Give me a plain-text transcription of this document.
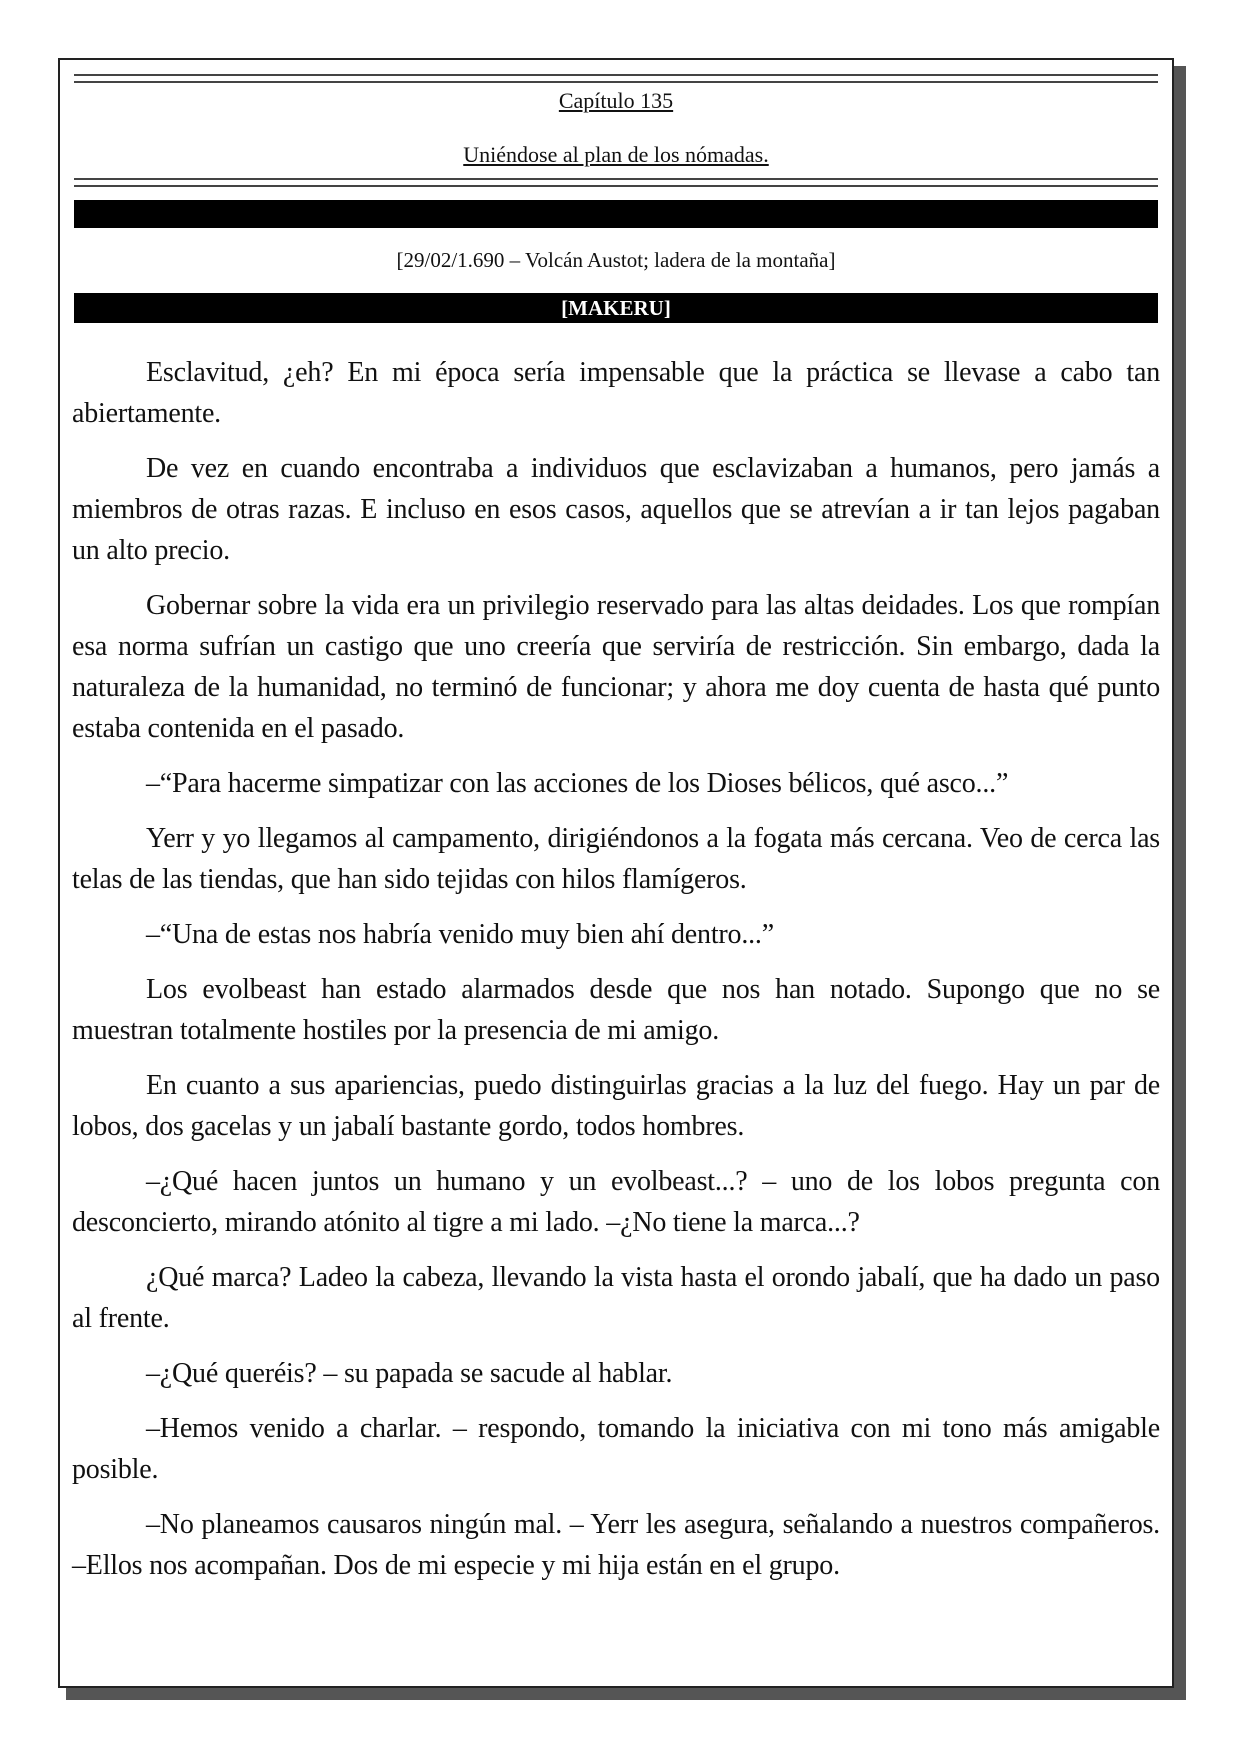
Capítulo 135
Uniéndose al plan de los nómadas.
[29/02/1.690 – Volcán Austot; ladera de la montaña]
[MAKERU]

Esclavitud, ¿eh? En mi época sería impensable que la práctica se llevase a cabo tan abiertamente.

De vez en cuando encontraba a individuos que esclavizaban a humanos, pero jamás a miembros de otras razas. E incluso en esos casos, aquellos que se atrevían a ir tan lejos pagaban un alto precio.

Gobernar sobre la vida era un privilegio reservado para las altas deidades. Los que rompían esa norma sufrían un castigo que uno creería que serviría de restricción. Sin embargo, dada la naturaleza de la humanidad, no terminó de funcionar; y ahora me doy cuenta de hasta qué punto estaba contenida en el pasado.

–“Para hacerme simpatizar con las acciones de los Dioses bélicos, qué asco...”

Yerr y yo llegamos al campamento, dirigiéndonos a la fogata más cercana. Veo de cerca las telas de las tiendas, que han sido tejidas con hilos flamígeros.

–“Una de estas nos habría venido muy bien ahí dentro...”

Los evolbeast han estado alarmados desde que nos han notado. Supongo que no se muestran totalmente hostiles por la presencia de mi amigo.

En cuanto a sus apariencias, puedo distinguirlas gracias a la luz del fuego. Hay un par de lobos, dos gacelas y un jabalí bastante gordo, todos hombres.

–¿Qué hacen juntos un humano y un evolbeast...? – uno de los lobos pregunta con desconcierto, mirando atónito al tigre a mi lado. –¿No tiene la marca...?

¿Qué marca? Ladeo la cabeza, llevando la vista hasta el orondo jabalí, que ha dado un paso al frente.

–¿Qué queréis? – su papada se sacude al hablar.

–Hemos venido a charlar. – respondo, tomando la iniciativa con mi tono más amigable posible.

–No planeamos causaros ningún mal. – Yerr les asegura, señalando a nuestros compañeros. –Ellos nos acompañan. Dos de mi especie y mi hija están en el grupo.
